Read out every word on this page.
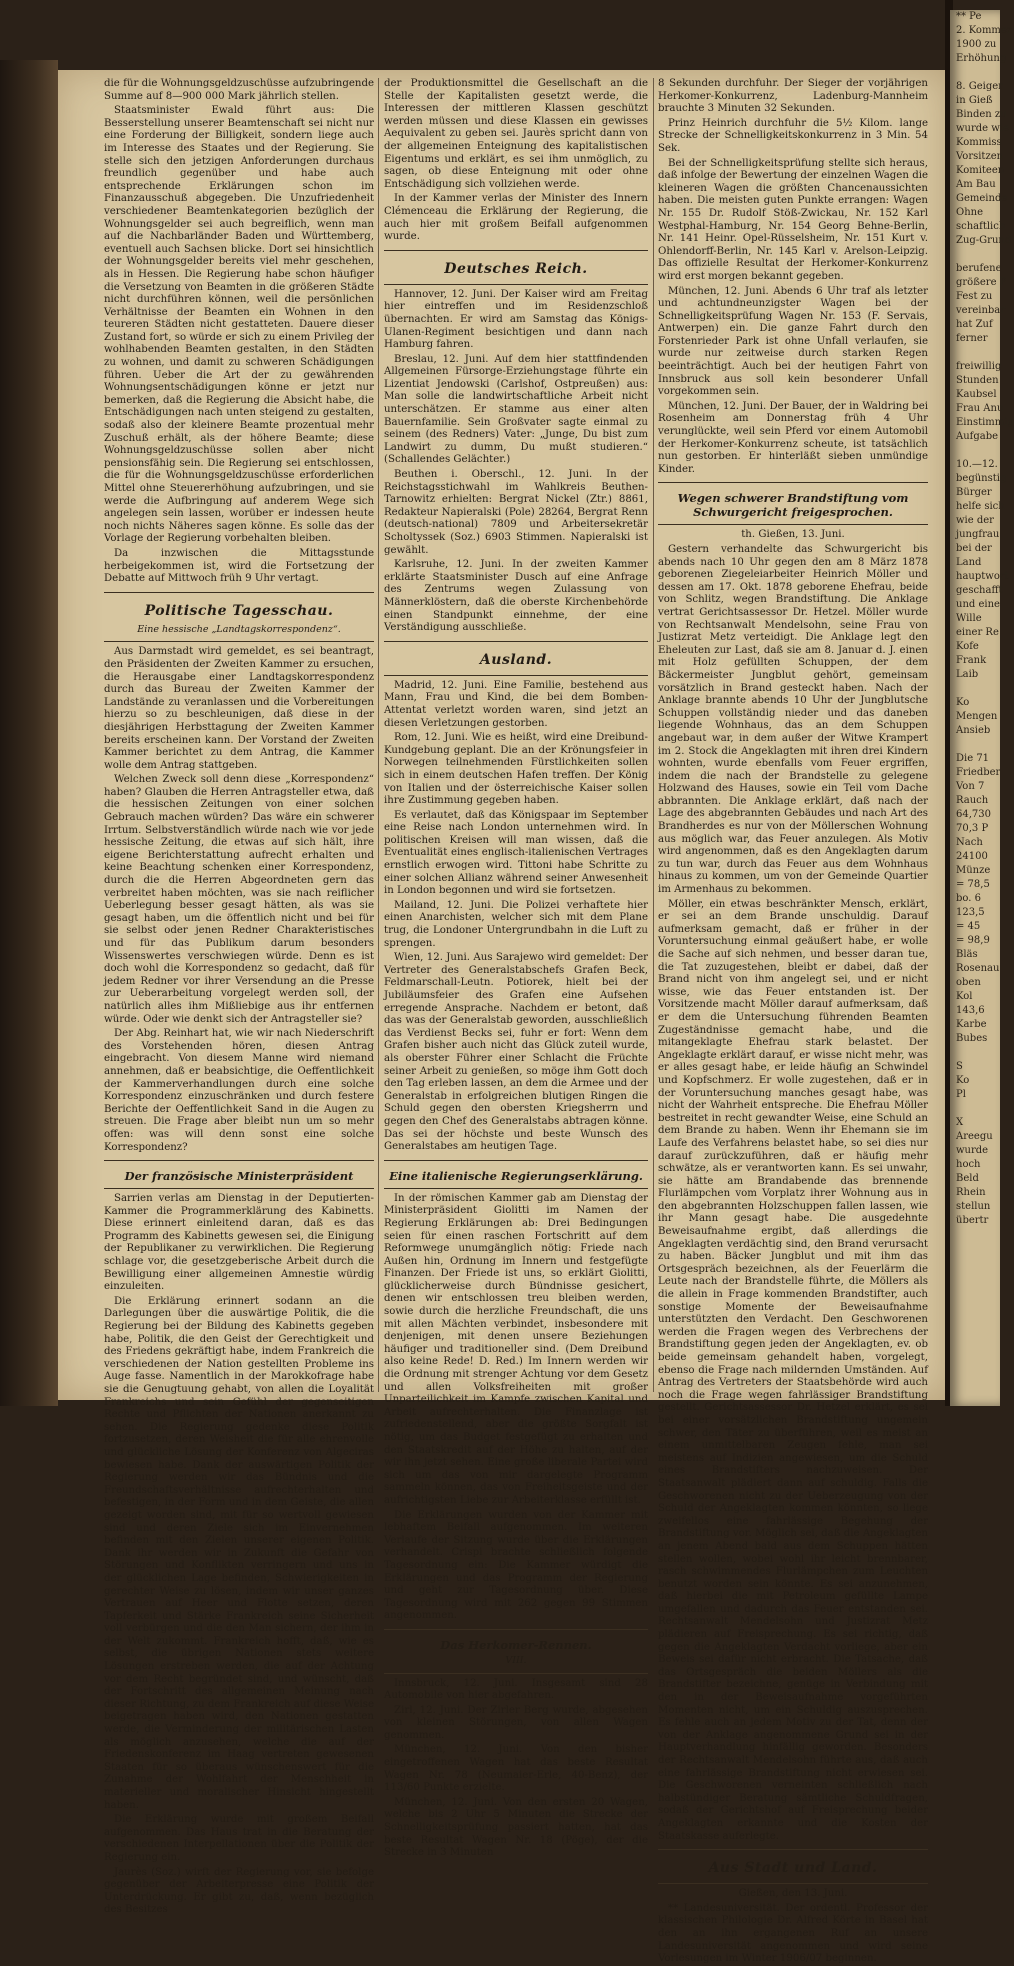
die für die Wohnungsgeldzuschüsse aufzubringende Summe auf 8—900 000 Mark jährlich stellen.

Staatsminister Ewald führt aus: Die Besserstellung unserer Beamtenschaft sei nicht nur eine Forderung der Billigkeit, sondern liege auch im Interesse des Staates und der Regierung. Sie stelle sich den jetzigen Anforderungen durchaus freundlich gegenüber und habe auch entsprechende Erklärungen schon im Finanzausschuß abgegeben. Die Unzufriedenheit verschiedener Beamtenkategorien bezüglich der Wohnungsgelder sei auch begreiflich, wenn man auf die Nachbarländer Baden und Württemberg, eventuell auch Sachsen blicke. Dort sei hinsichtlich der Wohnungsgelder bereits viel mehr geschehen, als in Hessen. Die Regierung habe schon häufiger die Versetzung von Beamten in die größeren Städte nicht durchführen können, weil die persönlichen Verhältnisse der Beamten ein Wohnen in den teureren Städten nicht gestatteten. Dauere dieser Zustand fort, so würde er sich zu einem Privileg der wohlhabenden Beamten gestalten, in den Städten zu wohnen, und damit zu schweren Schädigungen führen. Ueber die Art der zu gewährenden Wohnungsentschädigungen könne er jetzt nur bemerken, daß die Regierung die Absicht habe, die Entschädigungen nach unten steigend zu gestalten, sodaß also der kleinere Beamte prozentual mehr Zuschuß erhält, als der höhere Beamte; diese Wohnungsgeldzuschüsse sollen aber nicht pensionsfähig sein. Die Regierung sei entschlossen, die für die Wohnungsgeldzuschüsse erforderlichen Mittel ohne Steuererhöhung aufzubringen, und sie werde die Aufbringung auf anderem Wege sich angelegen sein lassen, worüber er indessen heute noch nichts Näheres sagen könne. Es solle das der Vorlage der Regierung vorbehalten bleiben.

Da inzwischen die Mittagsstunde herbeigekommen ist, wird die Fortsetzung der Debatte auf Mittwoch früh 9 Uhr vertagt.

Politische Tagesschau.
Eine hessische „Landtagskorrespondenz“.

Aus Darmstadt wird gemeldet, es sei beantragt, den Präsidenten der Zweiten Kammer zu ersuchen, die Herausgabe einer Landtagskorrespondenz durch das Bureau der Zweiten Kammer der Landstände zu veranlassen und die Vorbereitungen hierzu so zu beschleunigen, daß diese in der diesjährigen Herbsttagung der Zweiten Kammer bereits erscheinen kann. Der Vorstand der Zweiten Kammer berichtet zu dem Antrag, die Kammer wolle dem Antrag stattgeben.

Welchen Zweck soll denn diese „Korrespondenz“ haben? Glauben die Herren Antragsteller etwa, daß die hessischen Zeitungen von einer solchen Gebrauch machen würden? Das wäre ein schwerer Irrtum. Selbstverständlich würde nach wie vor jede hessische Zeitung, die etwas auf sich hält, ihre eigene Berichterstattung aufrecht erhalten und keine Beachtung schenken einer Korrespondenz, durch die die Herren Abgeordneten gern das verbreitet haben möchten, was sie nach reiflicher Ueberlegung besser gesagt hätten, als was sie gesagt haben, um die öffentlich nicht und bei für sie selbst oder jenen Redner Charakteristisches und für das Publikum darum besonders Wissenswertes verschwiegen würde. Denn es ist doch wohl die Korrespondenz so gedacht, daß für jedem Redner vor ihrer Versendung an die Presse zur Ueberarbeitung vorgelegt werden soll, der natürlich alles ihm Mißliebige aus ihr entfernen würde. Oder wie denkt sich der Antragsteller sie?

Der Abg. Reinhart hat, wie wir nach Niederschrift des Vorstehenden hören, diesen Antrag eingebracht. Von diesem Manne wird niemand annehmen, daß er beabsichtige, die Oeffentlichkeit der Kammerverhandlungen durch eine solche Korrespondenz einzuschränken und durch festere Berichte der Oeffentlichkeit Sand in die Augen zu streuen. Die Frage aber bleibt nun um so mehr offen: was will denn sonst eine solche Korrespondenz?

Der französische Ministerpräsident

Sarrien verlas am Dienstag in der Deputierten-Kammer die Programmerklärung des Kabinetts. Diese erinnert einleitend daran, daß es das Programm des Kabinetts gewesen sei, die Einigung der Republikaner zu verwirklichen. Die Regierung schlage vor, die gesetzgeberische Arbeit durch die Bewilligung einer allgemeinen Amnestie würdig einzuleiten.

Die Erklärung erinnert sodann an die Darlegungen über die auswärtige Politik, die die Regierung bei der Bildung des Kabinetts gegeben habe, Politik, die den Geist der Gerechtigkeit und des Friedens gekräftigt habe, indem Frankreich die verschiedenen der Nation gestellten Probleme ins Auge fasse. Namentlich in der Marokkofrage habe sie die Genugtuung gehabt, von allen die Loyalität Frankreichs und sein Gefühl der gegenseitigen Rechte und Pflichten der Nationen anerkannt zu sehen. Die Regierung gedenke diese Politik fortzusetzen, deren Weisheit die für alle ehrenvolle und glückliche Lösung der Konferenz von Algeciras bewiesen habe. Dank der auswärtigen Politik der Regierung werden wir das Bündnis und die Freundschaftsverhältnisse aufrechterhalten und befestigen, in der Form und in dem Geiste, die allen gezeigt worden sind, mit für so wertvoll gewiesen sind und deren Ziele sich im Einvernehmen befinden mit den Zielen unserer eigenen Politik. Dank ihr werden wir in Zukunft die Gefahr von Störungen und Konflikten verringern und uns in der glücklichen Lage befinden, Schwierigkeiten in gerechter Weise zu lösen, indem wir unser ganzes Vertrauen auf Heer und Flotte setzen, deren Tapferkeit und Stärke Frankreich seine Sicherheit voll verbürgen und die den Man sichern, der ihm in der Welt zukommt. Frankreich hofft, daß, wie es selbst, die übrigen Nationen stets weitere Lösungen erstreben werden, die auf der Achtung vor dem Recht begründet sind, und wünscht, daß der Fortschritt des allgemeinen Meinung nach dieser Richtung, zu dem Frankreich auf diese Weise beigetragen haben wird, den Nationen gestatten werde, die Verminderung der militärischen Lasten als möglich anzusehen, welche die auf der Friedenskonferenz im Haag vertreten gewesenen Staaten für so überaus wünschenswert für die Zunahme der Wohlfahrt der Menschheit in materieller und moralischer Hinsicht hingestellt haben.

Die Erklärung wurde mit großem Beifall aufgenommen. Das Haus trat in die Beratung der verschiedenen Interpellationen über die Politik der Regierung ein.

Jaurès (Soz.) wirft der Regierung vor, sie befolge gegenüber der Arbeiterpresse eine Politik der Unterdrückung. Er gibt zu, daß, wenn bezüglich des Besitzes

der Produktionsmittel die Gesellschaft an die Stelle der Kapitalisten gesetzt werde, die Interessen der mittleren Klassen geschützt werden müssen und diese Klassen ein gewisses Aequivalent zu geben sei. Jaurès spricht dann von der allgemeinen Enteignung des kapitalistischen Eigentums und erklärt, es sei ihm unmöglich, zu sagen, ob diese Enteignung mit oder ohne Entschädigung sich vollziehen werde.

In der Kammer verlas der Minister des Innern Clémenceau die Erklärung der Regierung, die auch hier mit großem Beifall aufgenommen wurde.

Deutsches Reich.

Hannover, 12. Juni. Der Kaiser wird am Freitag hier eintreffen und im Residenzschloß übernachten. Er wird am Samstag das Königs-Ulanen-Regiment besichtigen und dann nach Hamburg fahren.

Breslau, 12. Juni. Auf dem hier stattfindenden Allgemeinen Fürsorge-Erziehungstage führte ein Lizentiat Jendowski (Carlshof, Ostpreußen) aus: Man solle die landwirtschaftliche Arbeit nicht unterschätzen. Er stamme aus einer alten Bauernfamilie. Sein Großvater sagte einmal zu seinem (des Redners) Vater: „Junge, Du bist zum Landwirt zu dumm, Du mußt studieren.“ (Schallendes Gelächter.)

Beuthen i. Oberschl., 12. Juni. In der Reichstagsstichwahl im Wahlkreis Beuthen-Tarnowitz erhielten: Bergrat Nickel (Ztr.) 8861, Redakteur Napieralski (Pole) 28264, Bergrat Renn (deutsch-national) 7809 und Arbeitersekretär Scholtyssek (Soz.) 6903 Stimmen. Napieralski ist gewählt.

Karlsruhe, 12. Juni. In der zweiten Kammer erklärte Staatsminister Dusch auf eine Anfrage des Zentrums wegen Zulassung von Männerklöstern, daß die oberste Kirchenbehörde einen Standpunkt einnehme, der eine Verständigung ausschließe.

Ausland.

Madrid, 12. Juni. Eine Familie, bestehend aus Mann, Frau und Kind, die bei dem Bomben-Attentat verletzt worden waren, sind jetzt an diesen Verletzungen gestorben.

Rom, 12. Juni. Wie es heißt, wird eine Dreibund-Kundgebung geplant. Die an der Krönungsfeier in Norwegen teilnehmenden Fürstlichkeiten sollen sich in einem deutschen Hafen treffen. Der König von Italien und der österreichische Kaiser sollen ihre Zustimmung gegeben haben.

Es verlautet, daß das Königspaar im September eine Reise nach London unternehmen wird. In politischen Kreisen will man wissen, daß die Eventualität eines englisch-italienischen Vertrages ernstlich erwogen wird. Tittoni habe Schritte zu einer solchen Allianz während seiner Anwesenheit in London begonnen und wird sie fortsetzen.

Mailand, 12. Juni. Die Polizei verhaftete hier einen Anarchisten, welcher sich mit dem Plane trug, die Londoner Untergrundbahn in die Luft zu sprengen.

Wien, 12. Juni. Aus Sarajewo wird gemeldet: Der Vertreter des Generalstabschefs Grafen Beck, Feldmarschall-Leutn. Potiorek, hielt bei der Jubiläumsfeier des Grafen eine Aufsehen erregende Ansprache. Nachdem er betont, daß das was der Generalstab geworden, ausschließlich das Verdienst Becks sei, fuhr er fort: Wenn dem Grafen bisher auch nicht das Glück zuteil wurde, als oberster Führer einer Schlacht die Früchte seiner Arbeit zu genießen, so möge ihm Gott doch den Tag erleben lassen, an dem die Armee und der Generalstab in erfolgreichen blutigen Ringen die Schuld gegen den obersten Kriegsherrn und gegen den Chef des Generalstabs abtragen könne. Das sei der höchste und beste Wunsch des Generalstabes am heutigen Tage.

Eine italienische Regierungserklärung.

In der römischen Kammer gab am Dienstag der Ministerpräsident Giolitti im Namen der Regierung Erklärungen ab: Drei Bedingungen seien für einen raschen Fortschritt auf dem Reformwege unumgänglich nötig: Friede nach Außen hin, Ordnung im Innern und festgefügte Finanzen. Der Friede ist uns, so erklärt Giolitti, glücklicherweise durch Bündnisse gesichert, denen wir entschlossen treu bleiben werden, sowie durch die herzliche Freundschaft, die uns mit allen Mächten verbindet, insbesondere mit denjenigen, mit denen unsere Beziehungen häufiger und traditioneller sind. (Dem Dreibund also keine Rede! D. Red.) Im Innern werden wir die Ordnung mit strenger Achtung vor dem Gesetz und allen Volksfreiheiten mit großer Unparteilichkeit im Kampfe zwischen Kapital und Arbeit aufrechterhalten. Die Finanzlage ist zufriedenstellend, aber die größte Sorgfalt ist nötig, um das Budget festgefügt zu erhalten und den Staatskredit auf der Höhe zu halten, auf der wir ihn jetzt sehen. Eine große liberale Partei wird sich um das von mir dargelegte Programm sammeln können, das von Freiheitsgeiste und der aufrichtigsten Liebe zur Arbeiterklasse erfüllt ist.

Die Erklärungen wurden von der Kammer mit lebhaftem Beifall aufgenommen. Im weiteren Verlaufe der Sitzung wurde über die Erklärungen verhandelt. Crispi brachte schließlich folgende Tagesordnung ein: Die Kammer würdigt die Erklärungen und das Programm der Regierung und geht zur Tagesordnung über. Diese Tagesordnung wird mit 262 gegen 99 Stimmen angenommen.

Das Herkomer-Rennen.
VIII.

Innsbruck, 12. Juni. Insgesamt sind 28 Automobile von hier abgefahren.

Zirl, 12. Juni. Der Zirler Berg wurde, abgesehen von kleinen Störungen, von allen Wagen genommen.

München, 12. Juni. Von den bisher eingetroffenen Wagen hat das beste Resultat Wagen Nr. 78 (Neumaier-Erle, 40-Benz), der 113/60 Punkte erzielte.

München, 12. Juni. Von den ersten 20 Wagen, welche bis 2 Uhr 5 Minuten die Strecke der Schnelligkeitsprüfung passiert hatten, hat das beste Resultat Wagen Nr. 18 (Pöge), der die Strecke in 3 Minuten

8 Sekunden durchfuhr. Der Sieger der vorjährigen Herkomer-Konkurrenz, Ladenburg-Mannheim brauchte 3 Minuten 32 Sekunden.

Prinz Heinrich durchfuhr die 5½ Kilom. lange Strecke der Schnelligkeitskonkurrenz in 3 Min. 54 Sek.

Bei der Schnelligkeitsprüfung stellte sich heraus, daß infolge der Bewertung der einzelnen Wagen die kleineren Wagen die größten Chancenaussichten haben. Die meisten guten Punkte errangen: Wagen Nr. 155 Dr. Rudolf Stöß-Zwickau, Nr. 152 Karl Westphal-Hamburg, Nr. 154 Georg Behne-Berlin, Nr. 141 Heinr. Opel-Rüsselsheim, Nr. 151 Kurt v. Ohlendorff-Berlin, Nr. 145 Karl v. Arelson-Leipzig. Das offizielle Resultat der Herkomer-Konkurrenz wird erst morgen bekannt gegeben.

München, 12. Juni. Abends 6 Uhr traf als letzter und achtundneunzigster Wagen bei der Schnelligkeitsprüfung Wagen Nr. 153 (F. Servais, Antwerpen) ein. Die ganze Fahrt durch den Forstenrieder Park ist ohne Unfall verlaufen, sie wurde nur zeitweise durch starken Regen beeinträchtigt. Auch bei der heutigen Fahrt von Innsbruck aus soll kein besonderer Unfall vorgekommen sein.

München, 12. Juni. Der Bauer, der in Waldring bei Rosenheim am Donnerstag früh 4 Uhr verunglückte, weil sein Pferd vor einem Automobil der Herkomer-Konkurrenz scheute, ist tatsächlich nun gestorben. Er hinterläßt sieben unmündige Kinder.

Wegen schwerer Brandstiftung vom Schwurgericht freigesprochen.

th. Gießen, 13. Juni.

Gestern verhandelte das Schwurgericht bis abends nach 10 Uhr gegen den am 8 März 1878 geborenen Ziegeleiarbeiter Heinrich Möller und dessen am 17. Okt. 1878 geborene Ehefrau, beide von Schlitz, wegen Brandstiftung. Die Anklage vertrat Gerichtsassessor Dr. Hetzel. Möller wurde von Rechtsanwalt Mendelsohn, seine Frau von Justizrat Metz verteidigt. Die Anklage legt den Eheleuten zur Last, daß sie am 8. Januar d. J. einen mit Holz gefüllten Schuppen, der dem Bäckermeister Jungblut gehört, gemeinsam vorsätzlich in Brand gesteckt haben. Nach der Anklage brannte abends 10 Uhr der Jungblutsche Schuppen vollständig nieder und das daneben liegende Wohnhaus, das an dem Schuppen angebaut war, in dem außer der Witwe Krampert im 2. Stock die Angeklagten mit ihren drei Kindern wohnten, wurde ebenfalls vom Feuer ergriffen, indem die nach der Brandstelle zu gelegene Holzwand des Hauses, sowie ein Teil vom Dache abbrannten. Die Anklage erklärt, daß nach der Lage des abgebrannten Gebäudes und nach Art des Brandherdes es nur von der Möllerschen Wohnung aus möglich war, das Feuer anzulegen. Als Motiv wird angenommen, daß es den Angeklagten darum zu tun war, durch das Feuer aus dem Wohnhaus hinaus zu kommen, um von der Gemeinde Quartier im Armenhaus zu bekommen.

Möller, ein etwas beschränkter Mensch, erklärt, er sei an dem Brande unschuldig. Darauf aufmerksam gemacht, daß er früher in der Voruntersuchung einmal geäußert habe, er wolle die Sache auf sich nehmen, und besser daran tue, die Tat zuzugestehen, bleibt er dabei, daß der Brand nicht von ihm angelegt sei, und er nicht wisse, wie das Feuer entstanden ist. Der Vorsitzende macht Möller darauf aufmerksam, daß er dem die Untersuchung führenden Beamten Zugeständnisse gemacht habe, und die mitangeklagte Ehefrau stark belastet. Der Angeklagte erklärt darauf, er wisse nicht mehr, was er alles gesagt habe, er leide häufig an Schwindel und Kopfschmerz. Er wolle zugestehen, daß er in der Voruntersuchung manches gesagt habe, was nicht der Wahrheit entspreche. Die Ehefrau Möller bestreitet in recht gewandter Weise, eine Schuld an dem Brande zu haben. Wenn ihr Ehemann sie im Laufe des Verfahrens belastet habe, so sei dies nur darauf zurückzuführen, daß er häufig mehr schwätze, als er verantworten kann. Es sei unwahr, sie hätte am Brandabende das brennende Flurlämpchen vom Vorplatz ihrer Wohnung aus in den abgebrannten Holzschuppen fallen lassen, wie ihr Mann gesagt habe. Die ausgedehnte Beweisaufnahme ergibt, daß allerdings die Angeklagten verdächtig sind, den Brand verursacht zu haben. Bäcker Jungblut und mit ihm das Ortsgespräch bezeichnen, als der Feuerlärm die Leute nach der Brandstelle führte, die Möllers als die allein in Frage kommenden Brandstifter, auch sonstige Momente der Beweisaufnahme unterstützten den Verdacht. Den Geschworenen werden die Fragen wegen des Verbrechens der Brandstiftung gegen jeden der Angeklagten, ev. ob beide gemeinsam gehandelt haben, vorgelegt, ebenso die Frage nach mildernden Umständen. Auf Antrag des Vertreters der Staatsbehörde wird auch noch die Frage wegen fahrlässiger Brandstiftung gestellt. Gerichtsassessor Dr. Hetzel erklärt, es sei bei einer vorsätzlichen Brandstiftung ungemein schwer, den Täter zu überführen, weil es meist an einem unmittelbaren Zeugen fehle, man sei meistens auf Indizien angewiesen, um die Schuld eines Brandstifters nachzuweisen. Der Staatsanwalt plädiert dann auf schuldig. Falls die Geschworenen nicht zu der Ueberzeugung von der Schuld der Angeklagten kommen könnten, so liege zweifellos eine fahrlässige Begehung der Brandstiftung vor. Möglich sei, daß die Angeklagten an jenem Abend bald aus dem Schuppen hätten stellen wollen, wobei wohl ihr leicht brennbarer, rasch schwimmendes Flurlämpchen zum Leuchten benutzt worden sein könnte. Es sei anzunehmen, daß hierbei die mit Petroleum gefüllte Lampe umgefallen und dadurch das Feuer entstanden sei. Rechtsanwalt Mendelsohn und Justizrat Metz plädieren auf Freisprechung. Es sei richtig, daß gegen die Angeklagten Verdacht vorliege, aber ein Beweis sei dafür nicht erbracht. Die Tatsache, daß das Ortsgespräch die beiden Möllers als die Brandstifter bezeichne, genüge in Verbindung mit den in der Beweisaufnahme vorgeführten Momenten nicht, um ein Schuldig auszusprechen. Es fehle auch an jedem Motiv zu der Tat, denn der von der Anklage angenommene Grund sei in der Hauptverhandlung hinfällig geworden. Besonders der Rechtsanwalt Mendelsohn führte aus, daß auch eine fahrlässige Brandstiftung nicht erwiesen sei. Die Geschworenen verneinten schließlich nach halbstündiger Beratung sämtliche Schuldfragen, sodaß der Gerichtshof auf Freisprechung beider Angeklagten erkannte und die Kosten der Staatskasse auferlegte.

Aus Stadt und Land.

Gießen, den 13. Juni.

** Landesuniversität. Der ordentl. Professor der klassischen Philologie Dr. Alfred Körte in Basel hat den an ihn ergangenen Ruf an unsere Landesuniversität angenommen und wird seine Vorlesungen im Winter 1906/07 beginnen.

** Pe

2. Kommer

1900 zu

Erhöhung

8. Geiger

in Gieß

Binden zu

wurde wie

Kommiss

Vorsitzen

Komiteen

Am Bau

Gemeinde

Ohne

schaftlich

Zug-Grund

berufene

größere P

Fest zu

vereinbar

hat Zuf

ferner

freiwillig

Stunden

Kaubsel

Frau Anu

Einstimmig

Aufgabe

10.—12.

begünstig

Bürger

helfe sich

wie der

jungfrau

bei der

Land

hauptwort

geschafft

und eine

Wille

einer Re

Kofe

Frank

Laib

Ko

Mengen

Ansieb

Die 71

Friedber

Von 7

Rauch

64,730

70,3 P

Nach

24100

Münze

= 78,5

bo. 6

123,5

= 45

= 98,9

Bläs

Rosenau

oben

Kol

143,6

Karbe

Bubes

S

Ko

Pl

X

Areegu

wurde

hoch

Beld

Rhein

stellun

übertr
